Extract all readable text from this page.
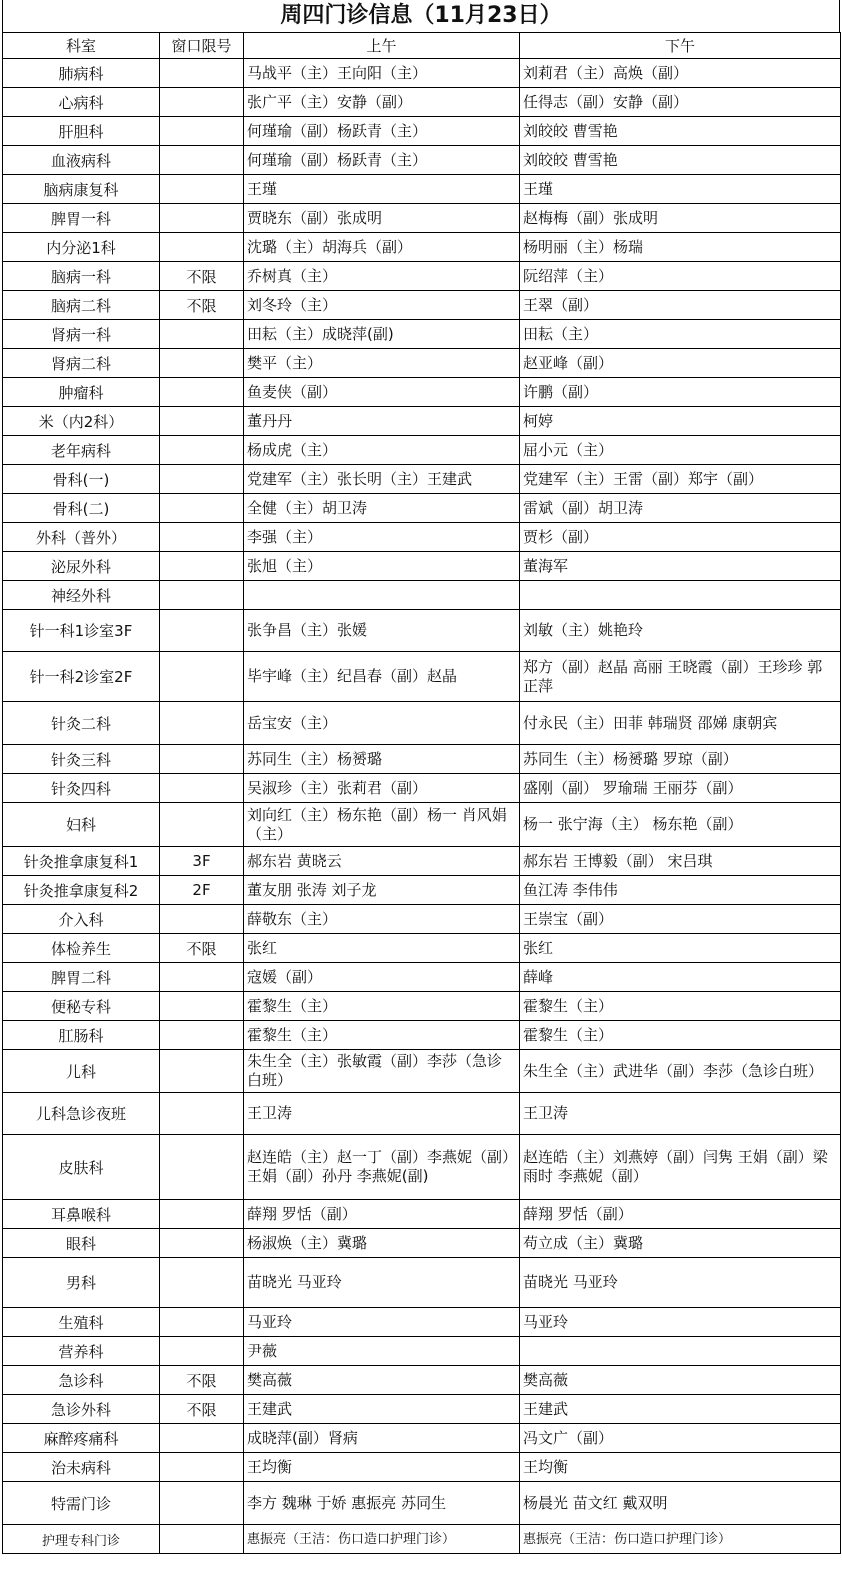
周四门诊信息（11月23日）
科室	窗口限号	上午	下午
肺病科		马战平（主）王向阳（主）	刘莉君（主）高焕（副）
心病科		张广平（主）安静（副）	任得志（副）安静（副）
肝胆科		何瑾瑜（副）杨跃青（主）	刘皎皎 曹雪艳
血液病科		何瑾瑜（副）杨跃青（主）	刘皎皎 曹雪艳
脑病康复科		王瑾	王瑾
脾胃一科		贾晓东（副）张成明	赵梅梅（副）张成明
内分泌1科		沈璐（主）胡海兵（副）	杨明丽（主）杨瑞
脑病一科	不限	乔树真（主）	阮绍萍（主）
脑病二科	不限	刘冬玲（主）	王翠（副）
肾病一科		田耘（主）成晓萍(副)	田耘（主）
肾病二科		樊平（主）	赵亚峰（副）
肿瘤科		鱼麦侠（副）	许鹏（副）
米（内2科）		董丹丹	柯婷
老年病科		杨成虎（主）	屈小元（主）
骨科(一)		党建军（主）张长明（主）王建武	党建军（主）王雷（副）郑宇（副）
骨科(二)		全健（主）胡卫涛	雷斌（副）胡卫涛
外科（普外）		李强（主）	贾杉（副）
泌尿外科		张旭（主）	董海军
神经外科			
针一科1诊室3F		张争昌（主）张媛	刘敏（主）姚艳玲
针一科2诊室2F		毕宇峰（主）纪昌春（副）赵晶	郑方（副）赵晶 高丽 王晓霞（副）王珍珍 郭正萍
针灸二科		岳宝安（主）	付永民（主）田菲 韩瑞贤 邵娣 康朝宾
针灸三科		苏同生（主）杨赟璐	苏同生（主）杨赟璐 罗琼（副）
针灸四科		吴淑珍（主）张莉君（副）	盛刚（副） 罗瑜瑞 王丽芬（副）
妇科		刘向红（主）杨东艳（副）杨一 肖风娟（主）	杨一 张宁海（主） 杨东艳（副）
针灸推拿康复科1	3F	郝东岩 黄晓云	郝东岩 王博毅（副） 宋吕琪
针灸推拿康复科2	2F	董友朋 张涛 刘子龙	鱼江涛 李伟伟
介入科		薛敬东（主）	王崇宝（副）
体检养生	不限	张红	张红
脾胃二科		寇媛（副）	薛峰
便秘专科		霍黎生（主）	霍黎生（主）
肛肠科		霍黎生（主）	霍黎生（主）
儿科		朱生全（主）张敏霞（副）李莎（急诊白班）	朱生全（主）武进华（副）李莎（急诊白班）
儿科急诊夜班		王卫涛	王卫涛
皮肤科		赵连皓（主）赵一丁（副）李燕妮（副）王娟（副）孙丹 李燕妮(副)	赵连皓（主）刘燕婷（副）闫隽 王娟（副）梁雨时 李燕妮（副）
耳鼻喉科		薛翔 罗恬（副）	薛翔 罗恬（副）
眼科		杨淑焕（主）冀璐	苟立成（主）冀璐
男科		苗晓光 马亚玲	苗晓光 马亚玲
生殖科		马亚玲	马亚玲
营养科		尹薇	
急诊科	不限	樊高薇	樊高薇
急诊外科	不限	王建武	王建武
麻醉疼痛科		成晓萍(副）肾病	冯文广（副）
治未病科		王均衡	王均衡
特需门诊		李方 魏琳 于娇 惠振亮 苏同生	杨晨光 苗文红 戴双明
护理专科门诊		惠振亮（王洁：伤口造口护理门诊）	惠振亮（王洁：伤口造口护理门诊）
